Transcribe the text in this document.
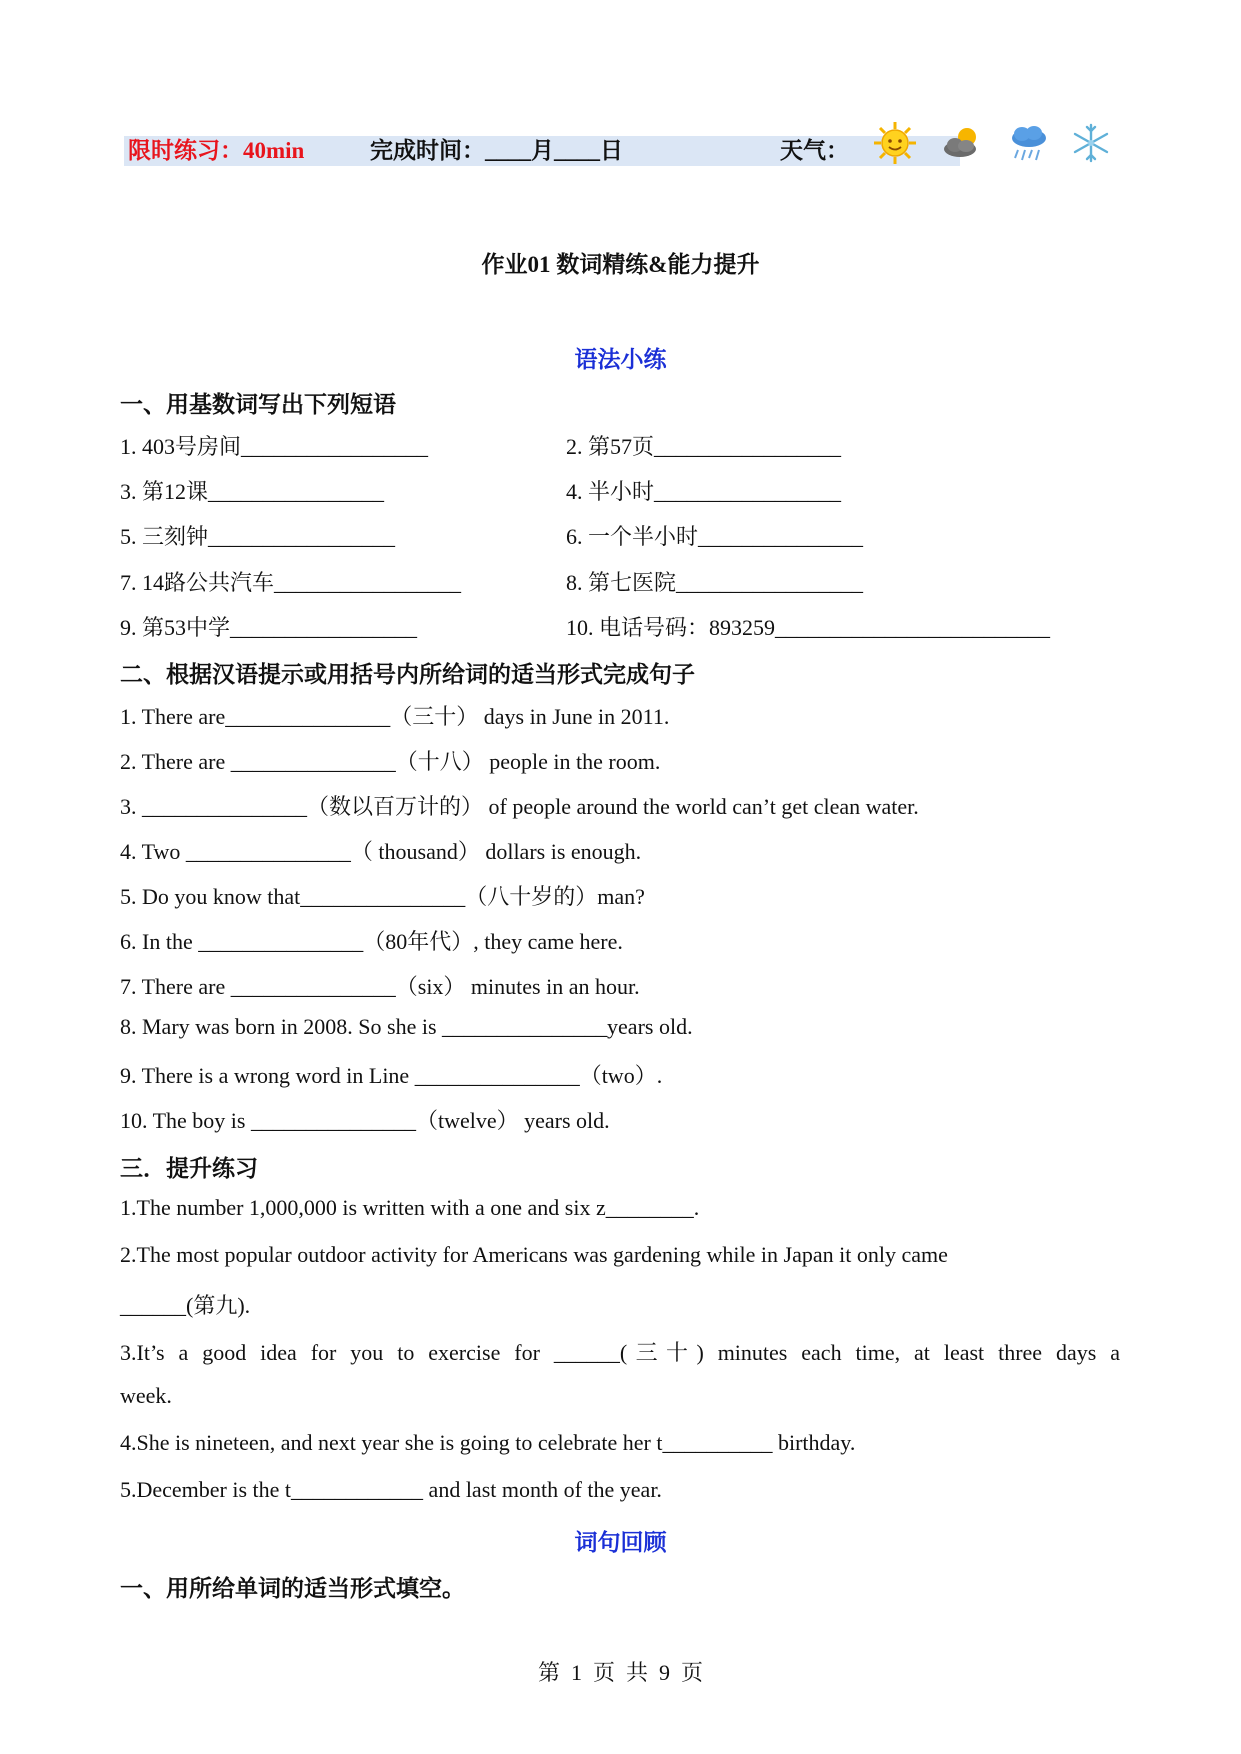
限时练习：40min	完成时间：____月____日	天气：
作业01 数词精练&能力提升
语法小练
一、用基数词写出下列短语
1. 403号房间_________________	2. 第57页_________________
3. 第12课________________	4. 半小时_________________
5. 三刻钟_________________	6. 一个半小时_______________
7. 14路公共汽车_________________	8. 第七医院_________________
9. 第53中学_________________	10. 电话号码：893259_________________________
二、根据汉语提示或用括号内所给词的适当形式完成句子
1. There are_______________（三十） days in June in 2011.
2. There are _______________（十八） people in the room.
3. _______________（数以百万计的） of people around the world can’t get clean water.
4. Two _______________（ thousand） dollars is enough.
5. Do you know that_______________（八十岁的）man?
6. In the _______________（80年代）, they came here.
7. There are _______________（six） minutes in an hour.
8. Mary was born in 2008. So she is _______________years old.
9. There is a wrong word in Line _______________（two）.
10. The boy is _______________（twelve） years old.
三．提升练习
1.The number 1,000,000 is written with a one and six z________.
2.The most popular outdoor activity for Americans was gardening while in Japan it only came
______(第九).
3.It’s a good idea for you to exercise for ______(三十) minutes each time, at least three days a
week.
4.She is nineteen, and next year she is going to celebrate her t__________ birthday.
5.December is the t____________ and last month of the year.
词句回顾
一、用所给单词的适当形式填空。
第  1  页  共  9  页
